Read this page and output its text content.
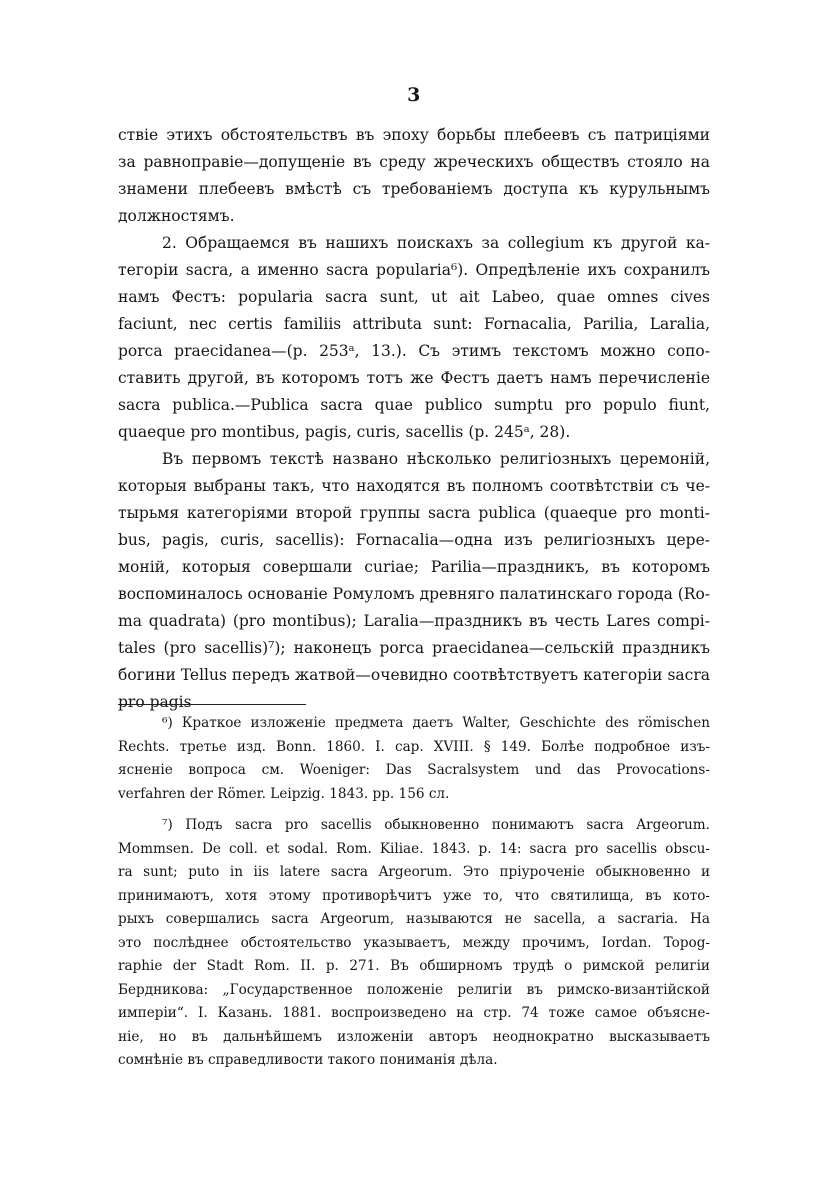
3
ствіе этихъ обстоятельствъ въ эпоху борьбы плебеевъ съ патриціями
за равноправіе—допущеніе въ среду жреческихъ обществъ стояло на
знамени плебеевъ вмѣстѣ съ требованіемъ доступа къ курульнымъ
должностямъ.
2. Обращаемся въ нашихъ поискахъ за collegium къ другой ка-
тегоріи sacra, а именно sacra popularia⁶). Опредѣленіе ихъ сохранилъ
намъ Фестъ: popularia sacra sunt, ut ait Labeo, quae omnes cives
faciunt, nec certis familiis attributa sunt: Fornacalia, Parilia, Laralia,
porca praecidanea—(p. 253ᵃ, 13.). Съ этимъ текстомъ можно сопо-
ставить другой, въ которомъ тотъ же Фестъ даетъ намъ перечисленіе
sacra publica.—Publica sacra quae publico sumptu pro populo fiunt,
quaeque pro montibus, pagis, curis, sacellis (p. 245ᵃ, 28).
Въ первомъ текстѣ названо нѣсколько религіозныхъ церемоній,
которыя выбраны такъ, что находятся въ полномъ соотвѣтствіи съ че-
тырьмя категоріями второй группы sacra publica (quaeque pro monti-
bus, pagis, curis, sacellis): Fornacalia—одна изъ религіозныхъ цере-
моній, которыя совершали curiae; Parilia—праздникъ, въ которомъ
воспоминалось основаніе Ромуломъ древняго палатинскаго города (Ro-
ma quadrata) (pro montibus); Laralia—праздникъ въ честь Lares compi-
tales (pro sacellis)⁷); наконецъ porca praecidanea—сельскій праздникъ
богини Tellus передъ жатвой—очевидно соотвѣтствуетъ категоріи sacra
pro pagis
⁶) Краткое изложеніе предмета даетъ Walter, Geschichte des römischen
Rechts. третье изд. Bonn. 1860. I. cap. XVIII. § 149. Болѣе подробное изъ-
ясненіе вопроса см. Woeniger: Das Sacralsystem und das Provocations-
verfahren der Römer. Leipzig. 1843. pp. 156 сл.
⁷) Подъ sacra pro sacellis обыкновенно понимаютъ sacra Argeorum.
Mommsen. De coll. et sodal. Rom. Kiliae. 1843. p. 14: sacra pro sacellis obscu-
ra sunt; puto in iis latere sacra Argeorum. Это пріуроченіе обыкновенно и
принимаютъ, хотя этому противорѣчитъ уже то, что святилища, въ кото-
рыхъ совершались sacra Argeorum, называются не sacella, а sacraria. На
это послѣднее обстоятельство указываетъ, между прочимъ, Iordan. Topog-
raphie der Stadt Rom. II. p. 271. Въ обширномъ трудѣ о римской религіи
Бердникова: „Государственное положеніе религіи въ римско-византійской
имперіи“. I. Казань. 1881. воспроизведено на стр. 74 тоже самое объясне-
ніе, но въ дальнѣйшемъ изложеніи авторъ неоднократно высказываетъ
сомнѣніе въ справедливости такого пониманія дѣла.
